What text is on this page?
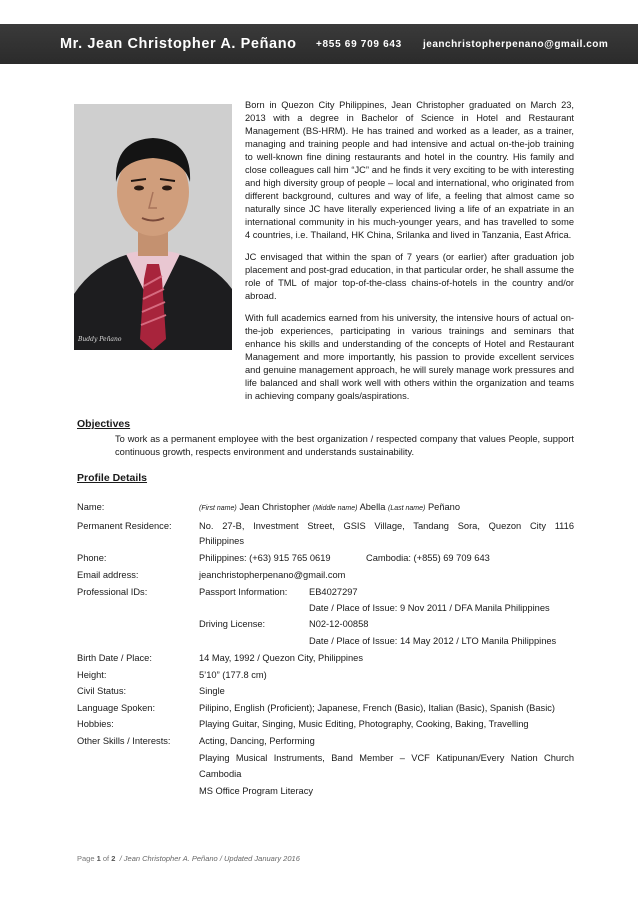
Mr. Jean Christopher A. Peñano +855 69 709 643 jeanchristopherpenano@gmail.com
Buddy Peñano

Born in Quezon City Philippines, Jean Christopher graduated on March 23, 2013 with a degree in Bachelor of Science in Hotel and Restaurant Management (BS-HRM). He has trained and worked as a leader, as a trainer, managing and training people and had intensive and actual on-the-job training to well-known fine dining restaurants and hotel in the country. His family and close colleagues call him “JC” and he finds it very exciting to be with interesting and high diversity group of people – local and international, who originated from different background, cultures and way of life, a feeling that almost came so naturally since JC have literally experienced living a life of an expatriate in an international community in his much-younger years, and has travelled to some 4 countries, i.e. Thailand, HK China, Srilanka and lived in Tanzania, East Africa.

JC envisaged that within the span of 7 years (or earlier) after graduation job placement and post-grad education, in that particular order, he shall assume the role of TML of major top-of-the-class chains-of-hotels in the country and/or abroad.

With full academics earned from his university, the intensive hours of actual on-the-job experiences, participating in various trainings and seminars that enhance his skills and understanding of the concepts of Hotel and Restaurant Management and more importantly, his passion to provide excellent services and genuine management approach, he will surely manage work pressures and life balanced and shall work well with others within the organization and teams in achieving company goals/aspirations.

Objectives
To work as a permanent employee with the best organization / respected company that values People, support continuous growth, respects environment and understands sustainability.
Profile Details
Name:	(First name) Jean Christopher (Middle name) Abella (Last name) Peñano
Permanent Residence:	No. 27-B, Investment Street, GSIS Village, Tandang Sora, Quezon City 1116
Philippines
Phone:	Philippines: (+63) 915 765 0619	Cambodia: (+855) 69 709 643
Email address:	jeanchristopherpenano@gmail.com
Professional IDs:	Passport Information: EB4027297
Date / Place of Issue: 9 Nov 2011 / DFA Manila Philippines
Driving License:	N02-12-00858
Date / Place of Issue: 14 May 2012 / LTO Manila Philippines
Birth Date / Place:	14 May, 1992 / Quezon City, Philippines
Height:	5’10” (177.8 cm)
Civil Status:	Single
Language Spoken:	Pilipino, English (Proficient); Japanese, French (Basic), Italian (Basic), Spanish (Basic)
Hobbies:	Playing Guitar, Singing, Music Editing, Photography, Cooking, Baking, Travelling
Other Skills / Interests:	Acting, Dancing, Performing
Playing Musical Instruments, Band Member – VCF Katipunan/Every Nation Church
Cambodia
MS Office Program Literacy
Page 1 of 2 / Jean Christopher A. Peñano / Updated January 2016
